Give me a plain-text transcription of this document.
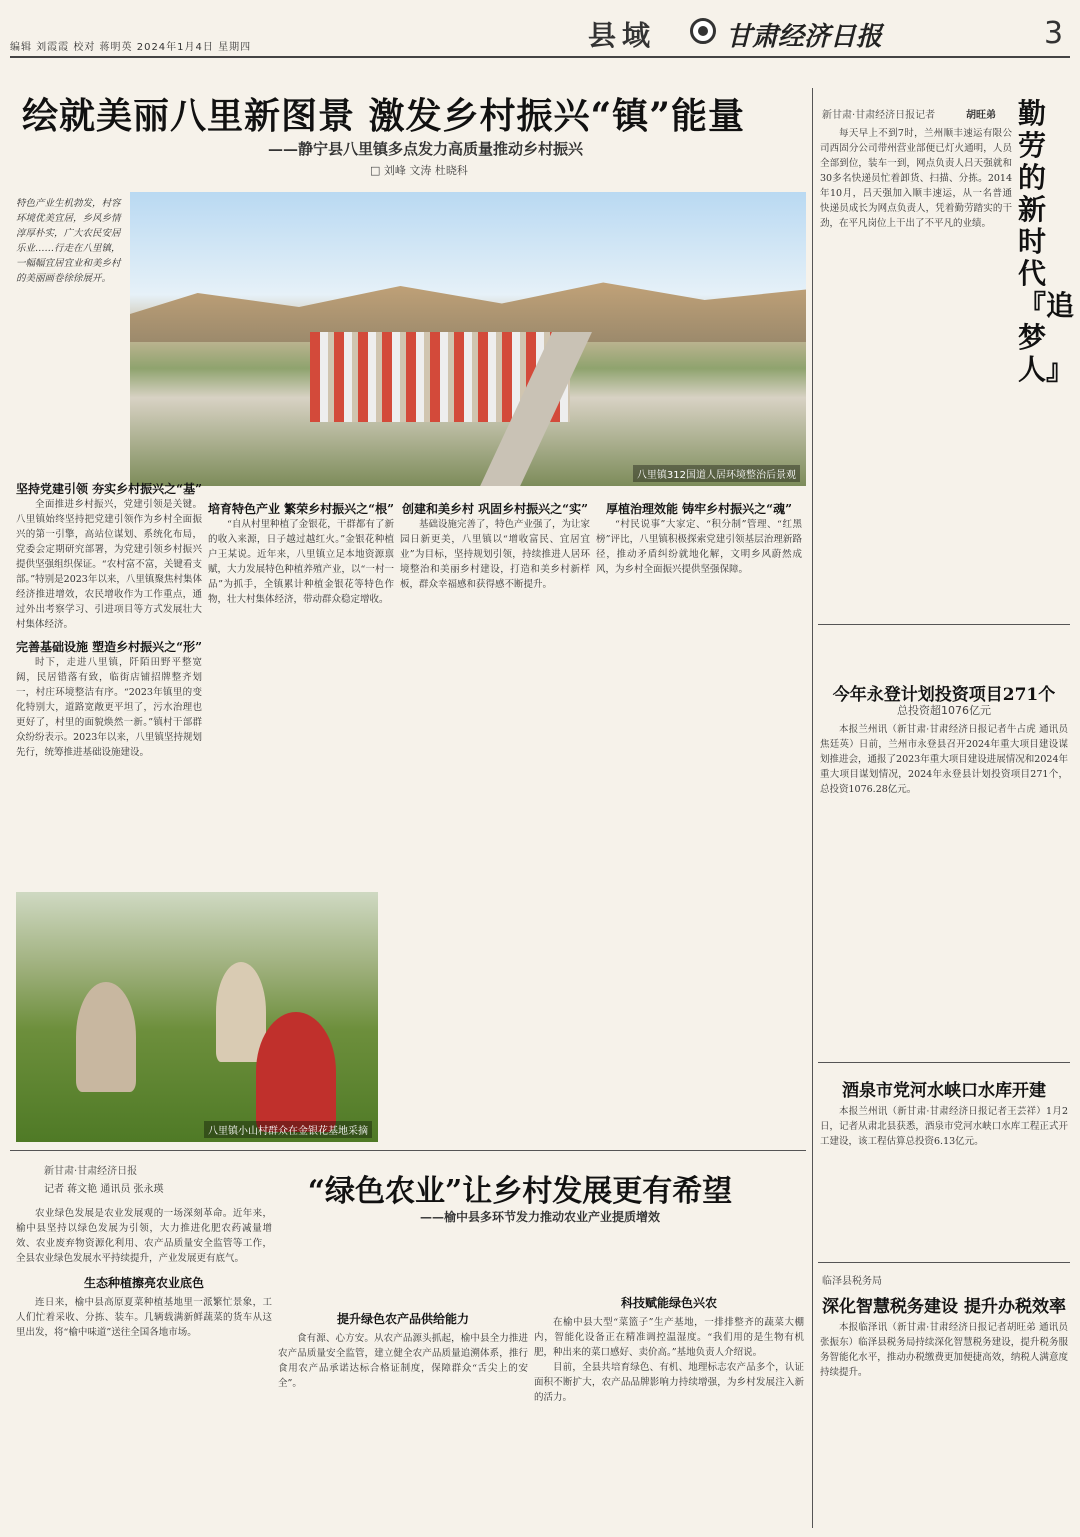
编辑 刘霞霞 校对 蒋明英 2024年1月4日 星期四	县域	甘肃经济日报	3
绘就美丽八里新图景 激发乡村振兴“镇”能量
——静宁县八里镇多点发力高质量推动乡村振兴
□ 刘峰 文涛 杜晓科
特色产业生机勃发，村容环境优美宜居，乡风乡情淳厚朴实，广大农民安居乐业……行走在八里镇，一幅幅宜居宜业和美乡村的美丽画卷徐徐展开。
八里镇312国道人居环境整治后景观
坚持党建引领 夯实乡村振兴之“基”

全面推进乡村振兴，党建引领是关键。八里镇始终坚持把党建引领作为乡村全面振兴的第一引擎，高站位谋划、系统化布局，党委会定期研究部署，为党建引领乡村振兴提供坚强组织保证。“农村富不富，关键看支部。”特别是2023年以来，八里镇聚焦村集体经济推进增效，农民增收作为工作重点，通过外出考察学习、引进项目等方式发展壮大村集体经济。

完善基础设施 塑造乡村振兴之“形”

时下，走进八里镇，阡陌田野平整宽阔，民居错落有致，临街店铺招牌整齐划一，村庄环境整洁有序。“2023年镇里的变化特别大，道路宽敞更平坦了，污水治理也更好了，村里的面貌焕然一新。”镇村干部群众纷纷表示。2023年以来，八里镇坚持规划先行，统筹推进基础设施建设。

培育特色产业 繁荣乡村振兴之“根”

“自从村里种植了金银花，干群都有了新的收入来源，日子越过越红火。”金银花种植户王某说。近年来，八里镇立足本地资源禀赋，大力发展特色种植养殖产业，以“一村一品”为抓手，全镇累计种植金银花等特色作物，壮大村集体经济，带动群众稳定增收。

创建和美乡村 巩固乡村振兴之“实”

基础设施完善了，特色产业强了，为让家园日新更美，八里镇以“增收富民、宜居宜业”为目标，坚持规划引领，持续推进人居环境整治和美丽乡村建设，打造和美乡村新样板，群众幸福感和获得感不断提升。

厚植治理效能 铸牢乡村振兴之“魂”

“村民说事”大家定、“积分制”管理、“红黑榜”评比，八里镇积极探索党建引领基层治理新路径，推动矛盾纠纷就地化解，文明乡风蔚然成风，为乡村全面振兴提供坚强保障。

八里镇小山村群众在金银花基地采摘
新甘肃·甘肃经济日报
记者 蒋文艳 通讯员 张永瑛	“绿色农业”让乡村发展更有希望
——榆中县多环节发力推动农业产业提质增效

农业绿色发展是农业发展观的一场深刻革命。近年来，榆中县坚持以绿色发展为引领，大力推进化肥农药减量增效、农业废弃物资源化利用、农产品质量安全监管等工作，全县农业绿色发展水平持续提升，产业发展更有底气。

生态种植擦亮农业底色

连日来，榆中县高原夏菜种植基地里一派繁忙景象，工人们忙着采收、分拣、装车。几辆载满新鲜蔬菜的货车从这里出发，将“榆中味道”送往全国各地市场。

提升绿色农产品供给能力

食有源、心方安。从农产品源头抓起，榆中县全力推进农产品质量安全监管，建立健全农产品质量追溯体系，推行食用农产品承诺达标合格证制度，保障群众“舌尖上的安全”。

科技赋能绿色兴农

在榆中县大型“菜篮子”生产基地，一排排整齐的蔬菜大棚内，智能化设备正在精准调控温湿度。“我们用的是生物有机肥，种出来的菜口感好、卖价高。”基地负责人介绍说。

目前，全县共培育绿色、有机、地理标志农产品多个，认证面积不断扩大，农产品品牌影响力持续增强，为乡村发展注入新的活力。

新甘肃·甘肃经济日报记者	胡旺弟 勤劳的新时代『追梦人』

每天早上不到7时，兰州顺丰速运有限公司西固分公司带州营业部便已灯火通明，人员全部到位，装车一到，网点负责人吕天强就和30多名快递员忙着卸货、扫描、分拣。2014年10月，吕天强加入顺丰速运，从一名普通快递员成长为网点负责人，凭着勤劳踏实的干劲，在平凡岗位上干出了不平凡的业绩。

今年永登计划投资项目271个
总投资超1076亿元

本报兰州讯（新甘肃·甘肃经济日报记者牛占虎 通讯员焦廷英）日前，兰州市永登县召开2024年重大项目建设谋划推进会，通报了2023年重大项目建设进展情况和2024年重大项目谋划情况，2024年永登县计划投资项目271个，总投资1076.28亿元。

酒泉市党河水峡口水库开建

本报兰州讯（新甘肃·甘肃经济日报记者王芸祥）1月2日，记者从肃北县获悉，酒泉市党河水峡口水库工程正式开工建设，该工程估算总投资6.13亿元。

临泽县税务局
深化智慧税务建设 提升办税效率

本报临泽讯（新甘肃·甘肃经济日报记者胡旺弟 通讯员张振东）临泽县税务局持续深化智慧税务建设，提升税务服务智能化水平，推动办税缴费更加便捷高效，纳税人满意度持续提升。
